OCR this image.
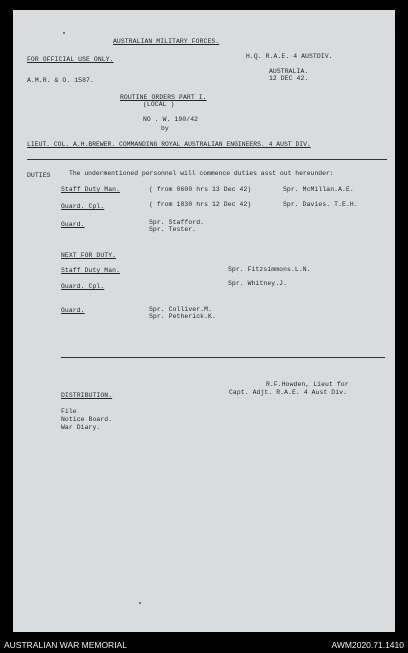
AUSTRALIAN MILITARY FORCES.
FOR OFFICIAL USE ONLY.	H.Q. R.A.E. 4 AUSTDIV.
AUSTRALIA.
12 DEC 42.
A.M.R. & O. 1587.
ROUTINE ORDERS PART I.
(LOCAL )
NO . W. 190/42
by
LIEUT. COL. A.H.BREWER. COMMANDING ROYAL AUSTRALIAN ENGINEERS. 4 AUST DIV.
DUTIES	The undermentioned personnel will commence duties asst out hereunder:
Staff Duty Man.	( from 0600 hrs 13 Dec 42)	Spr. McMillan.A.E.
Guard. Cpl.	( from 1830 hrs 12 Dec 42)	Spr. Davies. T.E.H.
Guard.	Spr. Stafford.
Spr. Tester.
NEXT FOR DUTY.
Staff Duty Man.	Spr. Fitzsimmons.L.N.
Guard. Cpl.	Spr. Whitney.J.
Guard.	Spr. Colliver.M.
Spr. Petherick.K.
R.F.Howden, Lieut for
Capt. Adjt. R.A.E. 4 Aust Div.
DISTRIBUTION.
File
Notice Board.
War Diary.
AUSTRALIAN WAR MEMORIAL	AWM2020.71.1410
